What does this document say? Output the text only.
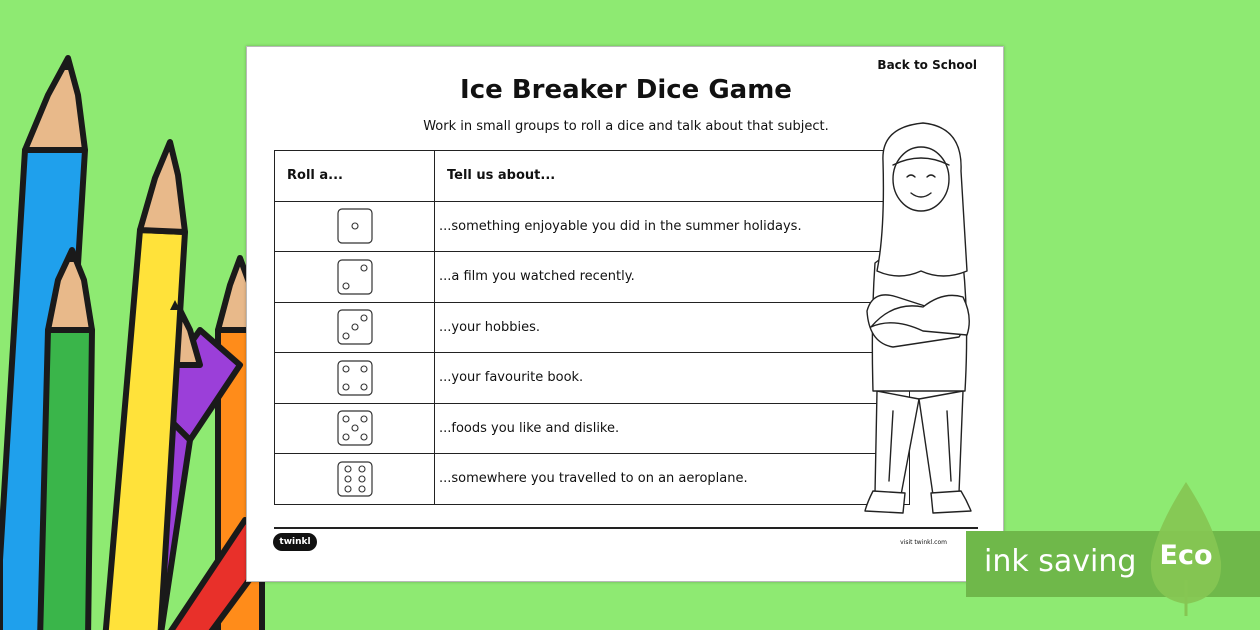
Back to School
Ice Breaker Dice Game
Work in small groups to roll a dice and talk about that subject.
Roll a...	Tell us about...
	...something enjoyable you did in the summer holidays.
	...a film you watched recently.
	...your hobbies.
	...your favourite book.
	...foods you like and dislike.
	...somewhere you travelled to on an aeroplane.
twinkl	visit twinkl.com
ink saving Eco
